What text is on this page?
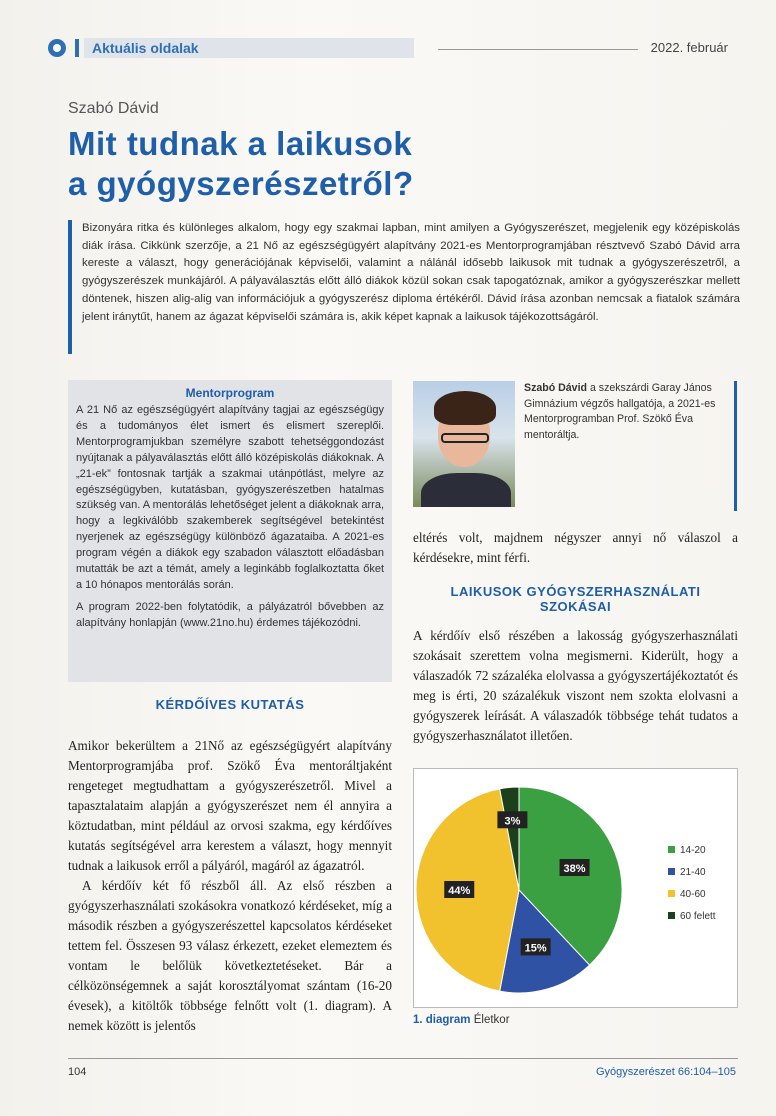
Aktuális oldalak	2022. február
Szabó Dávid
Mit tudnak a laikusok
a gyógyszerészetről?
Bizonyára ritka és különleges alkalom, hogy egy szakmai lapban, mint amilyen a Gyógyszerészet, megjelenik egy középiskolás diák írása. Cikkünk szerzője, a 21 Nő az egészségügyért alapítvány 2021-es Mentorprogramjában résztvevő Szabó Dávid arra kereste a választ, hogy generációjának képviselői, valamint a nálánál idősebb laikusok mit tudnak a gyógyszerészetről, a gyógyszerészek munkájáról. A pályaválasztás előtt álló diákok közül sokan csak tapogatóznak, amikor a gyógyszerészkar mellett döntenek, hiszen alig-alig van információjuk a gyógyszerész diploma értékéről. Dávid írása azonban nemcsak a fiatalok számára jelent iránytűt, hanem az ágazat képviselői számára is, akik képet kapnak a laikusok tájékozottságáról.
Mentorprogram

A 21 Nő az egészségügyért alapítvány tagjai az egészségügy és a tudományos élet ismert és elismert szereplői. Mentorprogramjukban személyre szabott tehetséggondozást nyújtanak a pályaválasztás előtt álló középiskolás diákoknak. A „21-ek” fontosnak tartják a szakmai utánpótlást, melyre az egészségügyben, kutatásban, gyógyszerészetben hatalmas szükség van. A mentorálás lehetőséget jelent a diákoknak arra, hogy a legkiválóbb szakemberek segítségével betekintést nyerjenek az egészségügy különböző ágazataiba. A 2021-es program végén a diákok egy szabadon választott előadásban mutatták be azt a témát, amely a leginkább foglalkoztatta őket a 10 hónapos mentorálás során.

A program 2022-ben folytatódik, a pályázatról bővebben az alapítvány honlapján (www.21no.hu) érdemes tájékozódni.

KÉRDŐÍVES KUTATÁS

Amikor bekerültem a 21Nő az egészségügyért alapítvány Mentorprogramjába prof. Szökő Éva mentoráltjaként rengeteget megtudhattam a gyógyszerészetről. Mivel a tapasztalataim alapján a gyógyszerészet nem él annyira a köztudatban, mint például az orvosi szakma, egy kérdőíves kutatás segítségével arra kerestem a választ, hogy mennyit tudnak a laikusok erről a pályáról, magáról az ágazatról.

A kérdőív két fő részből áll. Az első részben a gyógyszerhasználati szokásokra vonatkozó kérdéseket, míg a második részben a gyógyszerészettel kapcsolatos kérdéseket tettem fel. Összesen 93 válasz érkezett, ezeket elemeztem és vontam le belőlük következtetéseket. Bár a célközönségemnek a saját korosztályomat szántam (16-20 évesek), a kitöltők többsége felnőtt volt (1. diagram). A nemek között is jelentős

Szabó Dávid a szekszárdi Garay János Gimnázium végzős hallgatója, a 2021-es Mentorprogramban Prof. Szökő Éva mentoráltja.
eltérés volt, majdnem négyszer annyi nő válaszol a kérdésekre, mint férfi.
LAIKUSOK GYÓGYSZERHASZNÁLATI SZOKÁSAI
A kérdőív első részében a lakosság gyógyszerhasználati szokásait szerettem volna megismerni. Kiderült, hogy a válaszadók 72 százaléka elolvassa a gyógyszertájékoztatót és meg is érti, 20 százalékuk viszont nem szokta elolvasni a gyógyszerek leírását. A válaszadók többsége tehát tudatos a gyógyszerhasználatot illetően.
38%
15%
44%
3%
14-20
21-40
40-60
60 felett
1. diagram Életkor
104	Gyógyszerészet 66:104–105
